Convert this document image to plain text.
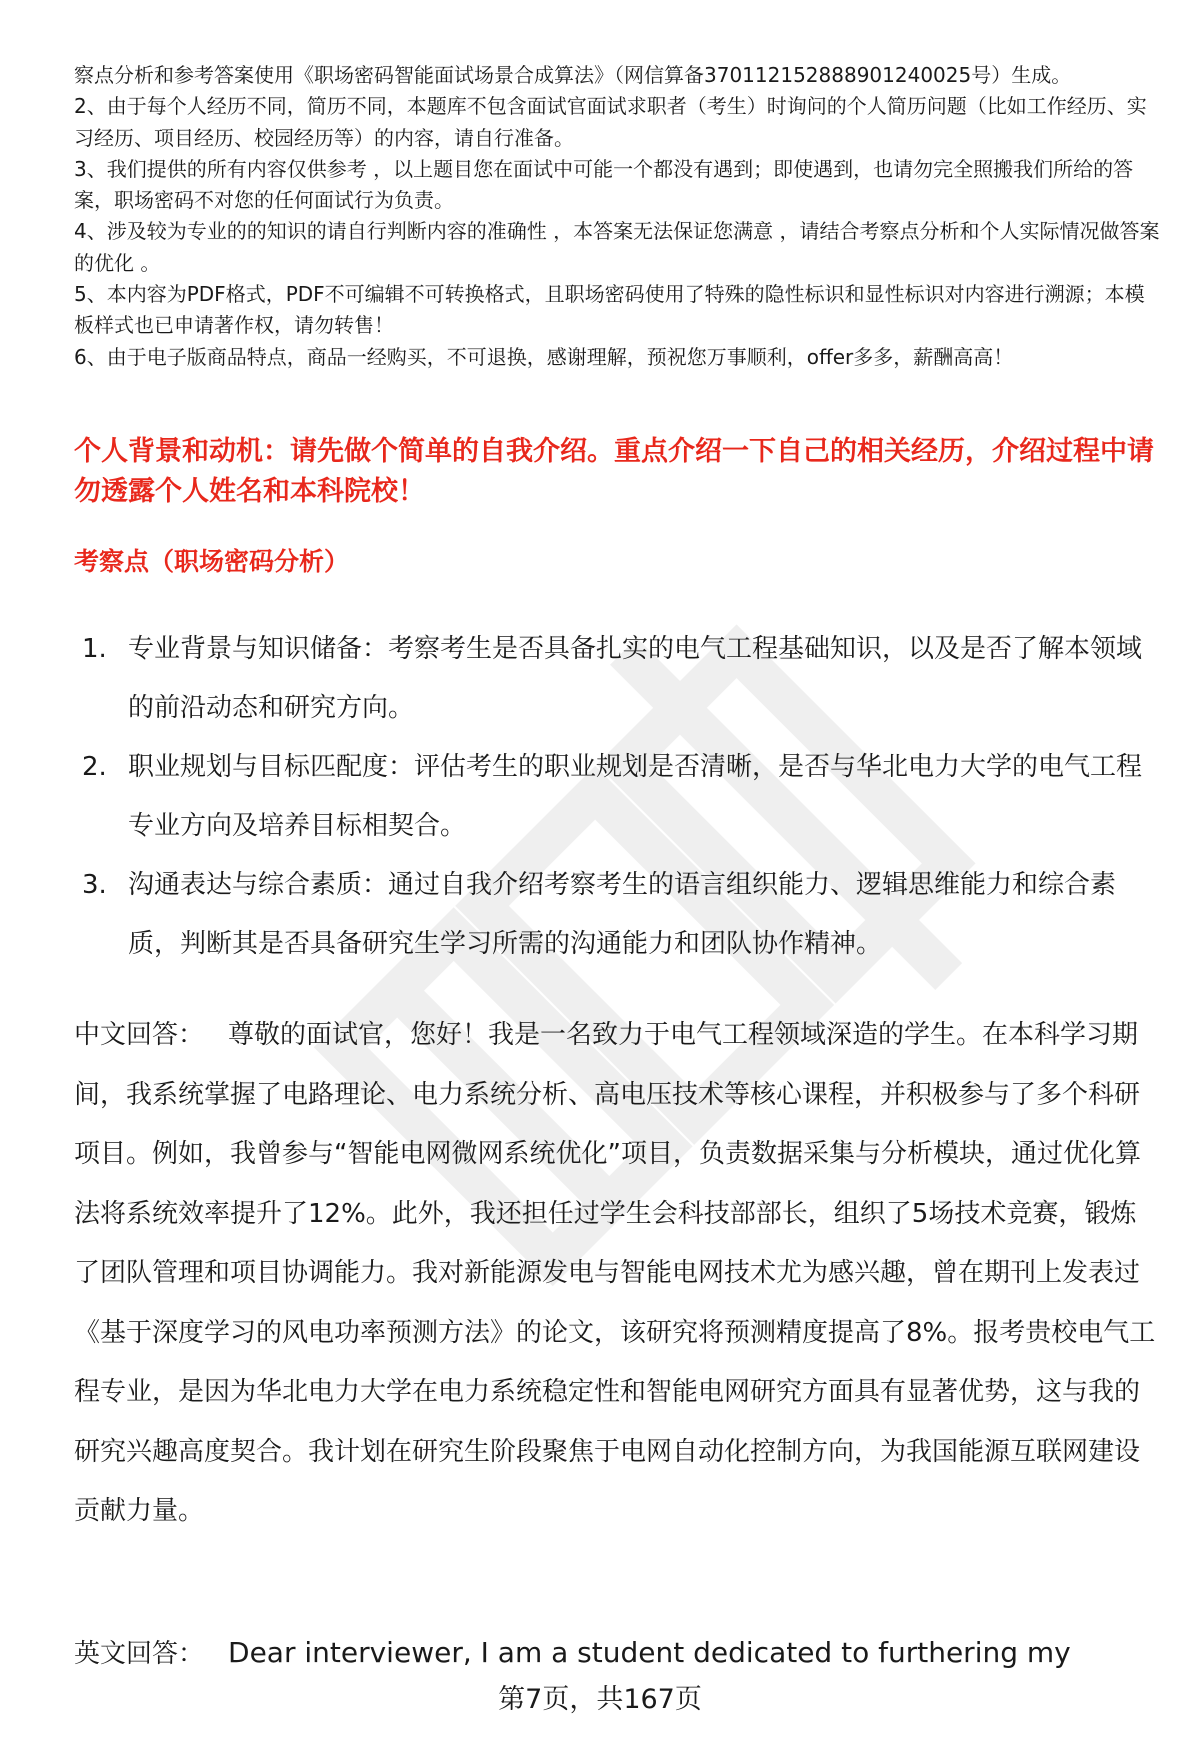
察点分析和参考答案使用《职场密码智能面试场景合成算法》（网信算备370112152888901240025号）生成。

2、由于每个人经历不同，简历不同，本题库不包含面试官面试求职者（考生）时询问的个人简历问题（比如工作经历、实习经历、项目经历、校园经历等）的内容，请自行准备。

3、我们提供的所有内容仅供参考 ，以上题目您在面试中可能一个都没有遇到；即使遇到，也请勿完全照搬我们所给的答案，职场密码不对您的任何面试行为负责。

4、涉及较为专业的的知识的请自行判断内容的准确性 ，本答案无法保证您满意 ，请结合考察点分析和个人实际情况做答案的优化 。

5、本内容为PDF格式，PDF不可编辑不可转换格式，且职场密码使用了特殊的隐性标识和显性标识对内容进行溯源；本模板样式也已申请著作权，请勿转售！

6、由于电子版商品特点，商品一经购买，不可退换，感谢理解，预祝您万事顺利，offer多多，薪酬高高！

个人背景和动机：请先做个简单的自我介绍。重点介绍一下自己的相关经历，介绍过程中请勿透露个人姓名和本科院校！
考察点（职场密码分析）
1. 专业背景与知识储备：考察考生是否具备扎实的电气工程基础知识，以及是否了解本领域的前沿动态和研究方向。
2. 职业规划与目标匹配度：评估考生的职业规划是否清晰，是否与华北电力大学的电气工程专业方向及培养目标相契合。
3. 沟通表达与综合素质：通过自我介绍考察考生的语言组织能力、逻辑思维能力和综合素质，判断其是否具备研究生学习所需的沟通能力和团队协作精神。
中文回答： 尊敬的面试官，您好！我是一名致力于电气工程领域深造的学生。在本科学习期间，我系统掌握了电路理论、电力系统分析、高电压技术等核心课程，并积极参与了多个科研项目。例如，我曾参与“智能电网微网系统优化”项目，负责数据采集与分析模块，通过优化算法将系统效率提升了12%。此外，我还担任过学生会科技部部长，组织了5场技术竞赛，锻炼了团队管理和项目协调能力。我对新能源发电与智能电网技术尤为感兴趣，曾在期刊上发表过《基于深度学习的风电功率预测方法》的论文，该研究将预测精度提高了8%。报考贵校电气工程专业，是因为华北电力大学在电力系统稳定性和智能电网研究方面具有显著优势，这与我的研究兴趣高度契合。我计划在研究生阶段聚焦于电网自动化控制方向，为我国能源互联网建设贡献力量。
英文回答： Dear interviewer, I am a student dedicated to furthering my
第7页，共167页
